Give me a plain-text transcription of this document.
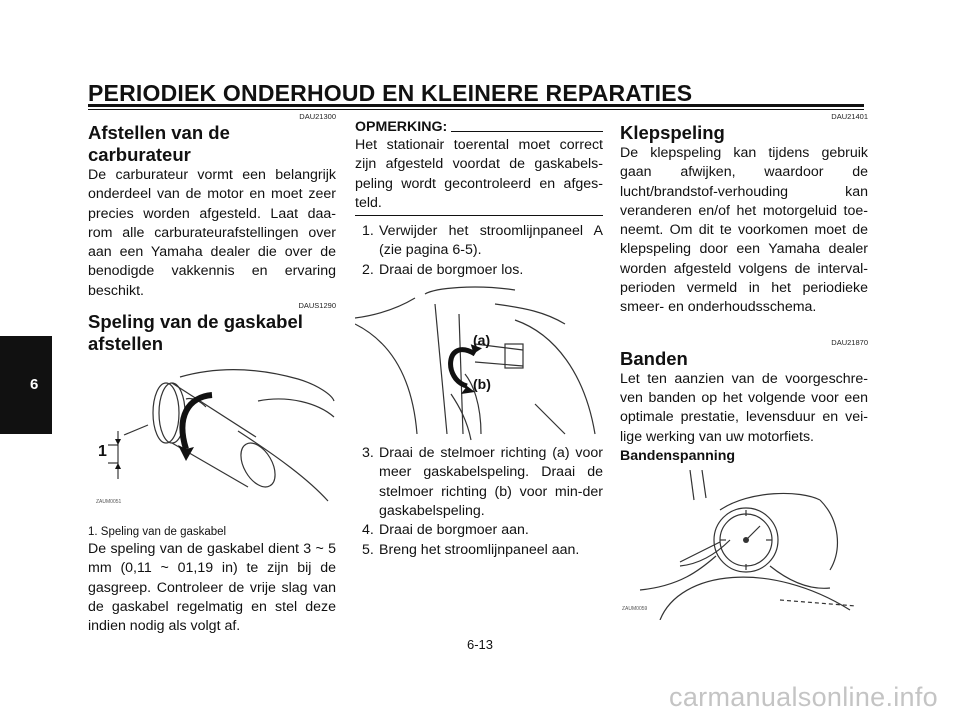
PERIODIEK ONDERHOUD EN KLEINERE REPARATIES
6
DAU21300
Afstellen van de carburateur

De carburateur vormt een belangrijk onderdeel van de motor en moet zeer precies worden afgesteld. Laat daa-rom alle carburateurafstellingen over aan een Yamaha dealer die over de benodigde vakkennis en ervaring beschikt.

DAUS1290
Speling van de gaskabel afstellen
1
ZAUM0051

1. Speling van de gaskabel

De speling van de gaskabel dient 3 ~ 5 mm (0,11 ~ 01,19 in) te zijn bij de gasgreep. Controleer de vrije slag van de gaskabel regelmatig en stel deze indien nodig als volgt af.

OPMERKING:

Het stationair toerental moet correct zijn afgesteld voordat de gaskabels-peling wordt gecontroleerd en afges-teld.

1. Verwijder het stroomlijnpaneel A (zie pagina 6-5).
2. Draai de borgmoer los.
(a)
(b)
3. Draai de stelmoer richting (a) voor meer gaskabelspeling. Draai de stelmoer richting (b) voor min-der gaskabelspeling.
4. Draai de borgmoer aan.
5. Breng het stroomlijnpaneel aan.
DAU21401
Klepspeling

De klepspeling kan tijdens gebruik gaan afwijken, waardoor de lucht/brandstof-verhouding kan veranderen en/of het motorgeluid toe-neemt. Om dit te voorkomen moet de klepspeling door een Yamaha dealer worden afgesteld volgens de interval-perioden vermeld in het periodieke smeer- en onderhoudsschema.

DAU21870
Banden

Let ten aanzien van de voorgeschre-ven banden op het volgende voor een optimale prestatie, levensduur en vei-lige werking van uw motorfiets.

Bandenspanning

ZAUM0059
6-13
carmanualsonline.info
